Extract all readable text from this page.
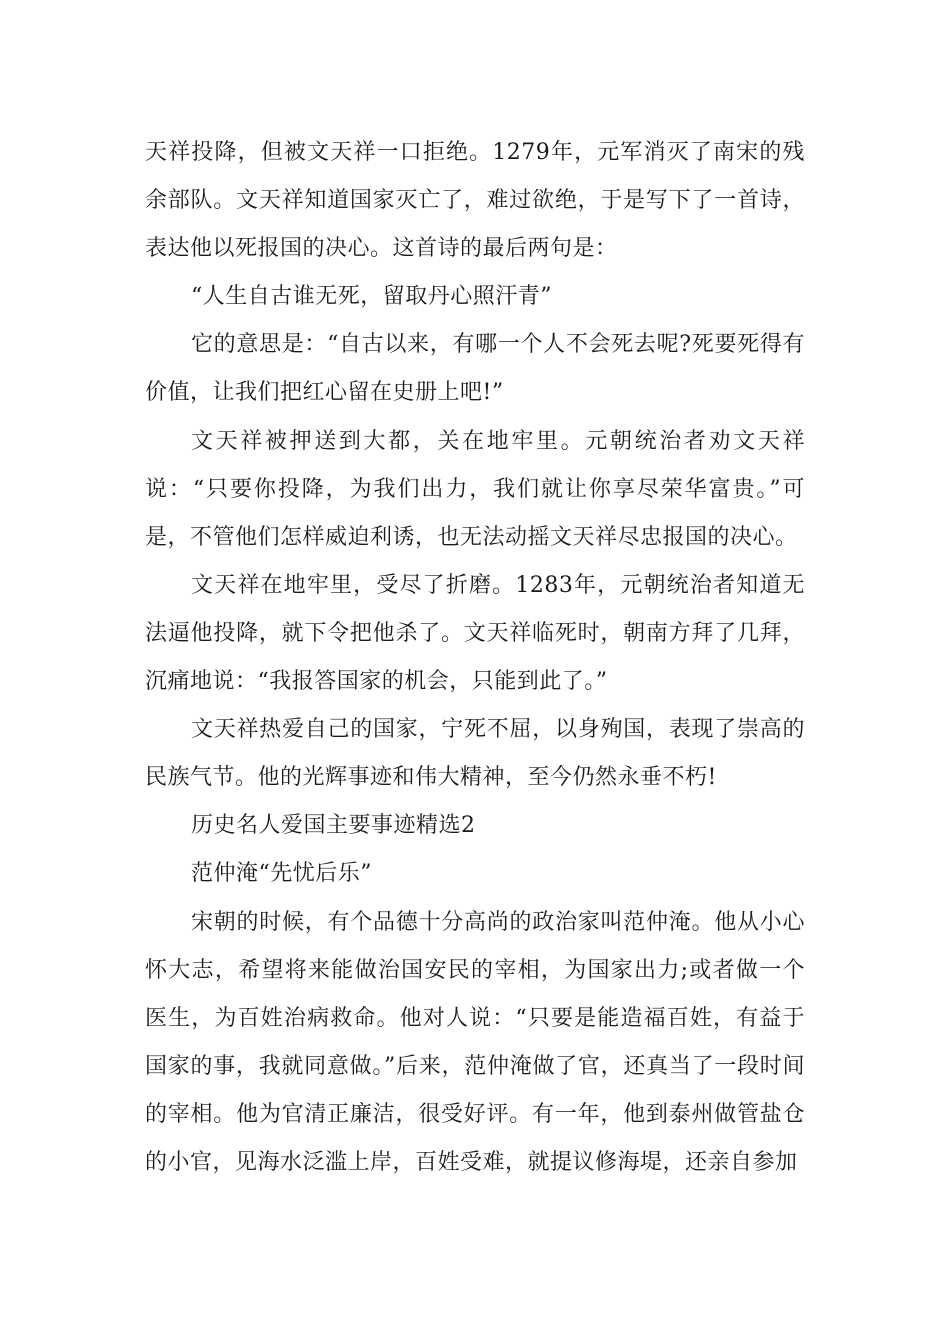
天祥投降，但被文天祥一口拒绝。1279年，元军消灭了南宋的残余部队。文天祥知道国家灭亡了，难过欲绝，于是写下了一首诗，表达他以死报国的决心。这首诗的最后两句是：

“人生自古谁无死，留取丹心照汗青”

它的意思是：“自古以来，有哪一个人不会死去呢?死要死得有价值，让我们把红心留在史册上吧!”

文天祥被押送到大都，关在地牢里。元朝统治者劝文天祥说：“只要你投降，为我们出力，我们就让你享尽荣华富贵。”可是，不管他们怎样威迫利诱，也无法动摇文天祥尽忠报国的决心。

文天祥在地牢里，受尽了折磨。1283年，元朝统治者知道无法逼他投降，就下令把他杀了。文天祥临死时，朝南方拜了几拜，沉痛地说：“我报答国家的机会，只能到此了。”

文天祥热爱自己的国家，宁死不屈，以身殉国，表现了崇高的民族气节。他的光辉事迹和伟大精神，至今仍然永垂不朽!

历史名人爱国主要事迹精选2

范仲淹“先忧后乐”

宋朝的时候，有个品德十分高尚的政治家叫范仲淹。他从小心怀大志，希望将来能做治国安民的宰相，为国家出力;或者做一个医生，为百姓治病救命。他对人说：“只要是能造福百姓，有益于国家的事，我就同意做。”后来，范仲淹做了官，还真当了一段时间的宰相。他为官清正廉洁，很受好评。有一年，他到泰州做管盐仓的小官，见海水泛滥上岸，百姓受难，就提议修海堤，还亲自参加
